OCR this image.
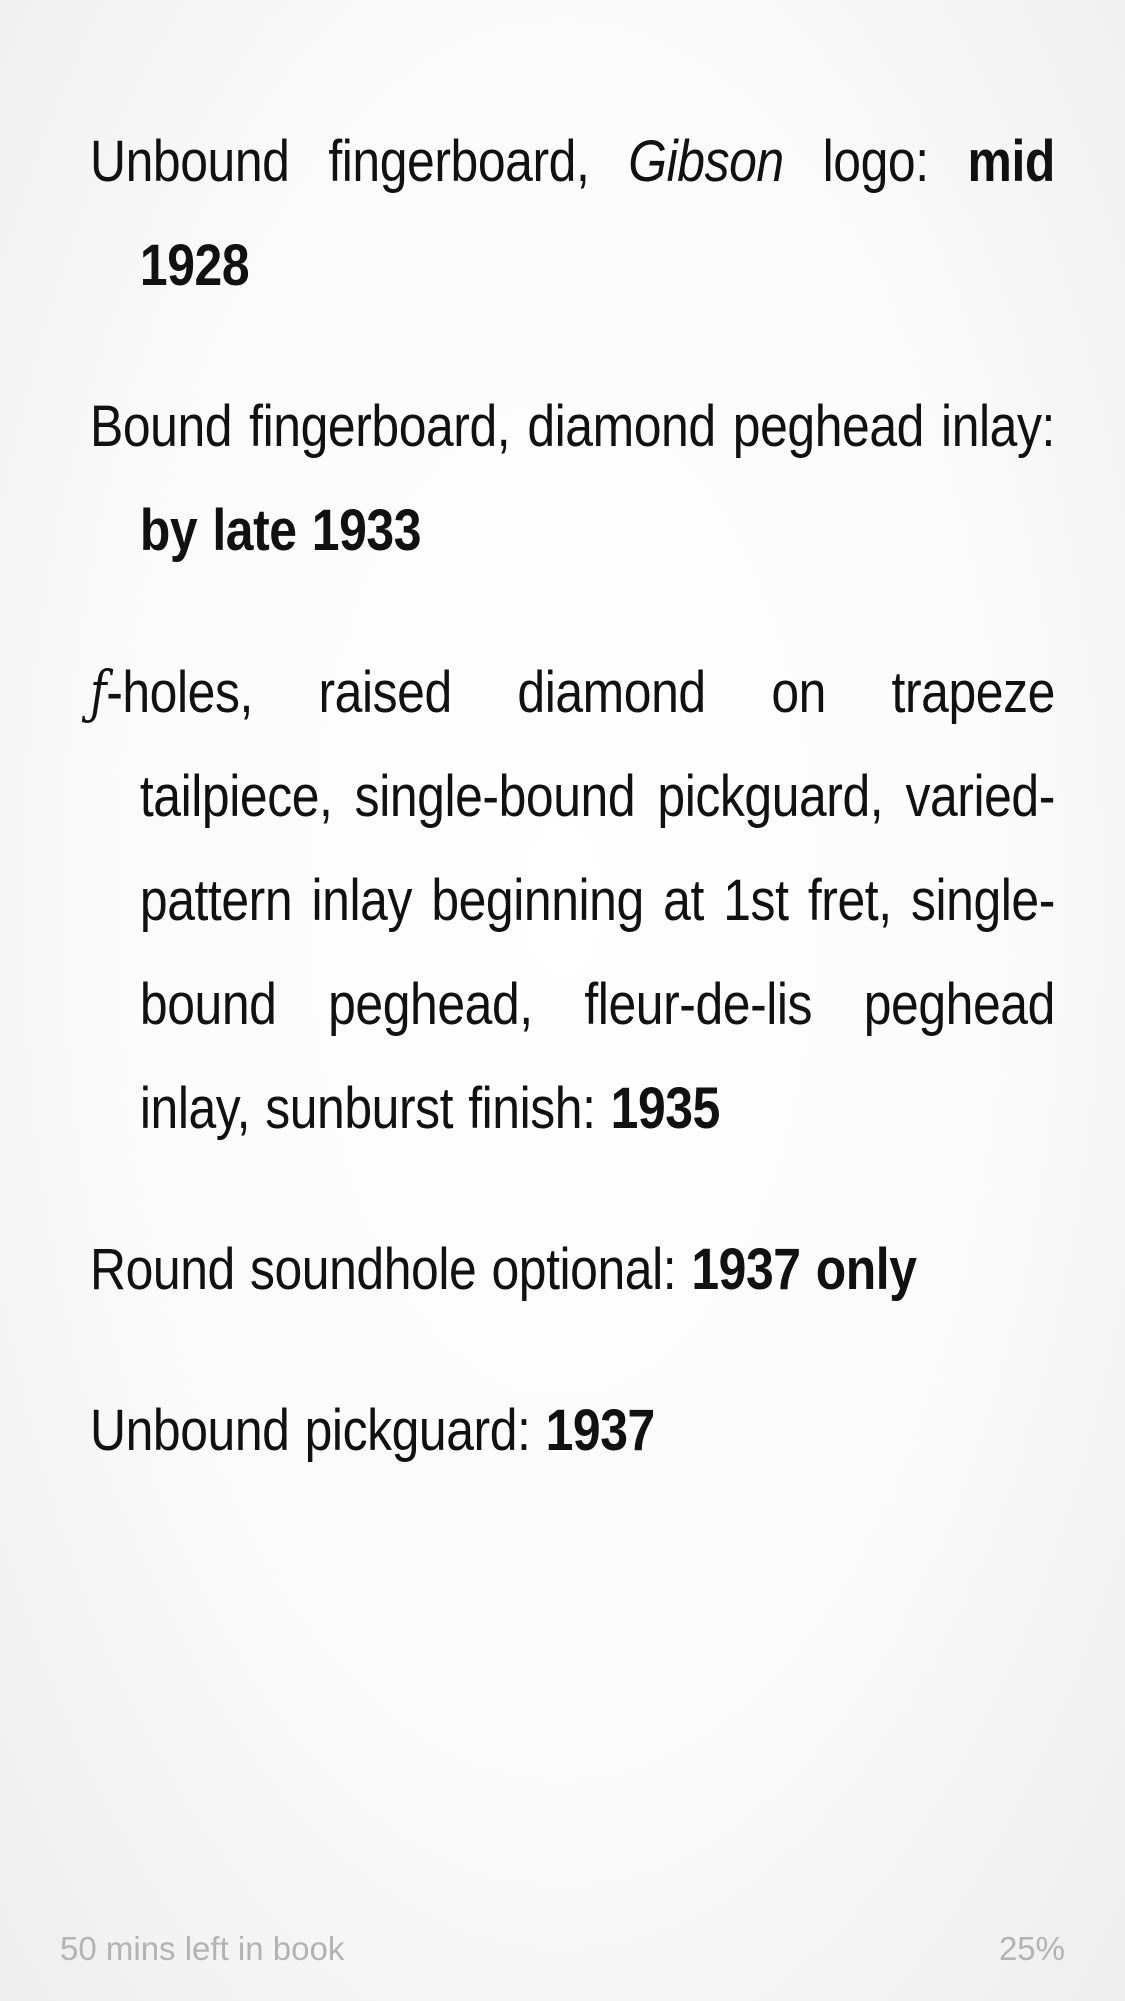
Unbound fingerboard, Gibson logo: mid 1928

Bound fingerboard, diamond peghead inlay: by late 1933

ƒ-holes, raised diamond on trapeze tailpiece, single-bound pickguard, varied-pattern inlay beginning at 1st fret, single-bound peghead, fleur-de-lis peghead inlay, sunburst finish: 1935

Round soundhole optional: 1937 only

Unbound pickguard: 1937

50 mins left in book	25%
